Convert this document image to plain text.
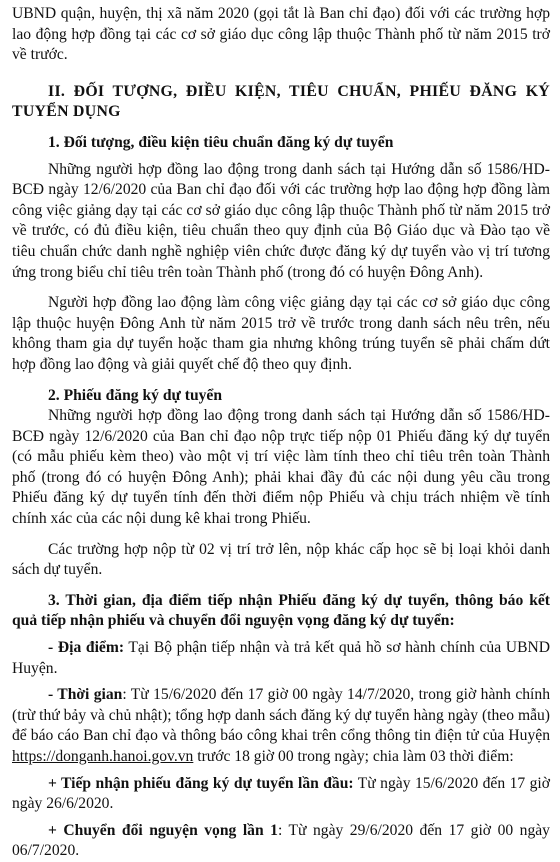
UBND quận, huyện, thị xã năm 2020 (gọi tắt là Ban chỉ đạo) đối với các trường hợp lao động hợp đồng tại các cơ sở giáo dục công lập thuộc Thành phố từ năm 2015 trở về trước.

II. ĐỐI TƯỢNG, ĐIỀU KIỆN, TIÊU CHUẨN, PHIẾU ĐĂNG KÝ TUYỂN DỤNG
1. Đối tượng, điều kiện tiêu chuẩn đăng ký dự tuyển

Những người hợp đồng lao động trong danh sách tại Hướng dẫn số 1586/HD-BCĐ ngày 12/6/2020 của Ban chỉ đạo đối với các trường hợp lao động hợp đồng làm công việc giảng dạy tại các cơ sở giáo dục công lập thuộc Thành phố từ năm 2015 trở về trước, có đủ điều kiện, tiêu chuẩn theo quy định của Bộ Giáo dục và Đào tạo về tiêu chuẩn chức danh nghề nghiệp viên chức được đăng ký dự tuyển vào vị trí tương ứng trong biểu chỉ tiêu trên toàn Thành phố (trong đó có huyện Đông Anh).

Người hợp đồng lao động làm công việc giảng dạy tại các cơ sở giáo dục công lập thuộc huyện Đông Anh từ năm 2015 trở về trước trong danh sách nêu trên, nếu không tham gia dự tuyển hoặc tham gia nhưng không trúng tuyển sẽ phải chấm dứt hợp đồng lao động và giải quyết chế độ theo quy định.

2. Phiếu đăng ký dự tuyển

Những người hợp đồng lao động trong danh sách tại Hướng dẫn số 1586/HD-BCĐ ngày 12/6/2020 của Ban chỉ đạo nộp trực tiếp nộp 01 Phiếu đăng ký dự tuyển (có mẫu phiếu kèm theo) vào một vị trí việc làm tính theo chỉ tiêu trên toàn Thành phố (trong đó có huyện Đông Anh); phải khai đầy đủ các nội dung yêu cầu trong Phiếu đăng ký dự tuyển tính đến thời điểm nộp Phiếu và chịu trách nhiệm về tính chính xác của các nội dung kê khai trong Phiếu.

Các trường hợp nộp từ 02 vị trí trở lên, nộp khác cấp học sẽ bị loại khỏi danh sách dự tuyển.

3. Thời gian, địa điểm tiếp nhận Phiếu đăng ký dự tuyển, thông báo kết quả tiếp nhận phiếu và chuyển đổi nguyện vọng đăng ký dự tuyển:

- Địa điểm: Tại Bộ phận tiếp nhận và trả kết quả hồ sơ hành chính của UBND Huyện.

- Thời gian: Từ 15/6/2020 đến 17 giờ 00 ngày 14/7/2020, trong giờ hành chính (trừ thứ bảy và chủ nhật); tổng hợp danh sách đăng ký dự tuyển hàng ngày (theo mẫu) để báo cáo Ban chỉ đạo và thông báo công khai trên cổng thông tin điện tử của Huyện https://donganh.hanoi.gov.vn trước 18 giờ 00 trong ngày; chia làm 03 thời điểm:

+ Tiếp nhận phiếu đăng ký dự tuyển lần đầu: Từ ngày 15/6/2020 đến 17 giờ ngày 26/6/2020.

+ Chuyển đổi nguyện vọng lần 1: Từ ngày 29/6/2020 đến 17 giờ 00 ngày 06/7/2020.
